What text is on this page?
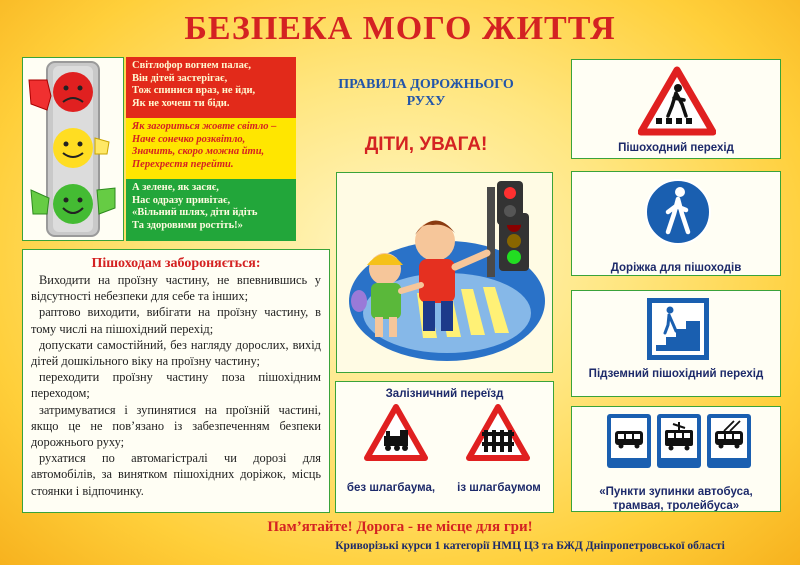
БЕЗПЕКА МОГО ЖИТТЯ
Світлофор вогнем палає,
Він дітей застерігає,
Тож спинися враз, не йди,
Як не хочеш ти біди.
Як загориться жовте світло –
Наче сонечко розквітло,
Значить, скоро можна йти,
Перехрестя перейти.
А зелене, як засяє,
Нас одразу привітає,
«Вільний шлях, діти йдіть
Та здоровими ростіть!»
ПРАВИЛА ДОРОЖНЬОГО
РУХУ
ДІТИ, УВАГА!
Пішоходам забороняється:
Виходити на проїзну частину, не впевнившись у відсутності небезпеки для себе та інших;
раптово виходити, вибігати на проїзну частину, в тому числі на пішохідний перехід;
допускати самостійний, без нагляду дорослих, вихід дітей дошкільного віку на проїзну частину;
переходити проїзну частину поза пішохідним переходом;
затримуватися і зупинятися на проїзній частині, якщо це не пов’язано із забезпеченням безпеки дорожнього руху;
рухатися по автомагістралі чи дорозі для автомобілів, за винятком пішохідних доріжок, місць стоянки і відпочинку.
Залізничний переїзд
без шлагбаума,	із шлагбаумом
Пішоходний перехід
Доріжка для пішоходів
Підземний пішохідний перехід
«Пункти зупинки автобуса, трамвая, тролейбуса»
Пам’ятайте! Дорога - не місце для гри!
Криворізькі курси 1 категорії НМЦ ЦЗ та БЖД Дніпропетровської області
